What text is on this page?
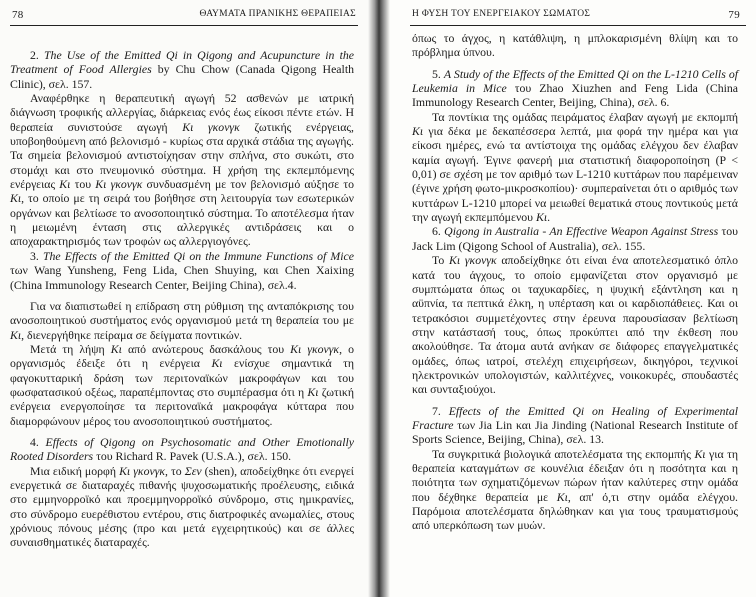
78	ΘΑΥΜΑΤΑ ΠΡΑΝΙΚΗΣ ΘΕΡΑΠΕΙΑΣ

2. The Use of the Emitted Qi in Qigong and Acupuncture in the Treatment of Food Allergies by Chu Chow (Canada Qigong Health Clinic), σελ. 157.

Αναφέρθηκε η θεραπευτική αγωγή 52 ασθενών με ιατρική διάγνωση τροφικής αλλεργίας, διάρκειας ενός έως είκοσι πέντε ετών. Η θεραπεία συνιστούσε αγωγή Κι γκονγκ ζωτικής ενέργειας, υποβοηθούμενη από βελονισμό - κυρίως στα αρχικά στάδια της αγωγής. Τα σημεία βελονισμού αντιστοίχησαν στην σπλήνα, στο συκώτι, στο στομάχι και στο πνευμονικό σύστημα. Η χρήση της εκπεμπόμενης ενέργειας Κι του Κι γκονγκ συνδυασμένη με τον βελονισμό αύξησε το Κι, το οποίο με τη σειρά του βοήθησε στη λειτουργία των εσωτερικών οργάνων και βελτίωσε το ανοσοποιητικό σύστημα. Το αποτέλεσμα ήταν η μειωμένη ένταση στις αλλεργικές αντιδράσεις και ο αποχαρακτηρισμός των τροφών ως αλλεργιογόνες.

3. The Effects of the Emitted Qi on the Immune Functions of Mice των Wang Yunsheng, Feng Lida, Chen Shuying, και Chen Xaixing (China Immunology Research Center, Beijing China), σελ.4.

Για να διαπιστωθεί η επίδραση στη ρύθμιση της ανταπόκρισης του ανοσοποιητικού συστήματος ενός οργανισμού μετά τη θεραπεία του με Κι, διενεργήθηκε πείραμα σε δείγματα ποντικών.

Μετά τη λήψη Κι από ανώτερους δασκάλους του Κι γκονγκ, ο οργανισμός έδειξε ότι η ενέργεια Κι ενίσχυε σημαντικά τη φαγοκυτταρική δράση των περιτοναϊκών μακροφάγων και του φωσφατασικού οξέως, παραπέμποντας στο συμπέρασμα ότι η Κι ζωτική ενέργεια ενεργοποίησε τα περιτοναϊκά μακροφάγα κύτταρα που διαμορφώνουν μέρος του ανοσοποιητικού συστήματος.

4. Effects of Qigong on Psychosomatic and Other Emotionally Rooted Disorders του Richard R. Pavek (U.S.A.), σελ. 150.

Μια ειδική μορφή Κι γκονγκ, το Σεν (shen), αποδείχθηκε ότι ενεργεί ενεργετικά σε διαταραχές πιθανής ψυχοσωματικής προέλευσης, ειδικά στο εμμηνορροϊκό και προεμμηνορροϊκό σύνδρομο, στις ημικρανίες, στο σύνδρομο ευερέθιστου εντέρου, στις διατροφικές ανωμαλίες, στους χρόνιους πόνους μέσης (προ και μετά εγχειρητικούς) και σε άλλες συναισθηματικές διαταραχές.

Η ΦΥΣΗ ΤΟΥ ΕΝΕΡΓΕΙΑΚΟΥ ΣΩΜΑΤΟΣ	79

όπως το άγχος, η κατάθλιψη, η μπλοκαρισμένη θλίψη και το πρόβλημα ύπνου.

5. A Study of the Effects of the Emitted Qi on the L-1210 Cells of Leukemia in Mice του Zhao Xiuzhen and Feng Lida (China Immunology Research Center, Beijing, China), σελ. 6.

Τα ποντίκια της ομάδας πειράματος έλαβαν αγωγή με εκπομπή Κι για δέκα με δεκαπέσσερα λεπτά, μια φορά την ημέρα και για είκοσι ημέρες, ενώ τα αντίστοιχα της ομάδας ελέγχου δεν έλαβαν καμία αγωγή. Έγινε φανερή μια στατιστική διαφοροποίηση (P < 0,01) σε σχέση με τον αριθμό των L-1210 κυττάρων που παρέμειναν (έγινε χρήση φωτο-μικροσκοπίου)· συμπεραίνεται ότι ο αριθμός των κυττάρων L-1210 μπορεί να μειωθεί θεματικά στους ποντικούς μετά την αγωγή εκπεμπόμενου Κι.

6. Qigong in Australia - An Effective Weapon Against Stress του Jack Lim (Qigong School of Australia), σελ. 155.

Το Κι γκονγκ αποδείχθηκε ότι είναι ένα αποτελεσματικό όπλο κατά του άγχους, το οποίο εμφανίζεται στον οργανισμό με συμπτώματα όπως οι ταχυκαρδίες, η ψυχική εξάντληση και η αϋπνία, τα πεπτικά έλκη, η υπέρταση και οι καρδιοπάθειες. Και οι τετρακόσιοι συμμετέχοντες στην έρευνα παρουσίασαν βελτίωση στην κατάστασή τους, όπως προκύπτει από την έκθεση που ακολούθησε. Τα άτομα αυτά ανήκαν σε διάφορες επαγγελματικές ομάδες, όπως ιατροί, στελέχη επιχειρήσεων, δικηγόροι, τεχνικοί ηλεκτρονικών υπολογιστών, καλλιτέχνες, νοικοκυρές, σπουδαστές και συνταξιούχοι.

7. Effects of the Emitted Qi on Healing of Experimental Fracture των Jia Lin και Jia Jinding (National Research Institute of Sports Science, Beijing, China), σελ. 13.

Τα συγκριτικά βιολογικά αποτελέσματα της εκπομπής Κι για τη θεραπεία καταγμάτων σε κουνέλια έδειξαν ότι η ποσότητα και η ποιότητα των σχηματιζόμενων πώρων ήταν καλύτερες στην ομάδα που δέχθηκε θεραπεία με Κι, απ' ό,τι στην ομάδα ελέγχου. Παρόμοια αποτελέσματα δηλώθηκαν και για τους τραυματισμούς από υπερκόπωση των μυών.
